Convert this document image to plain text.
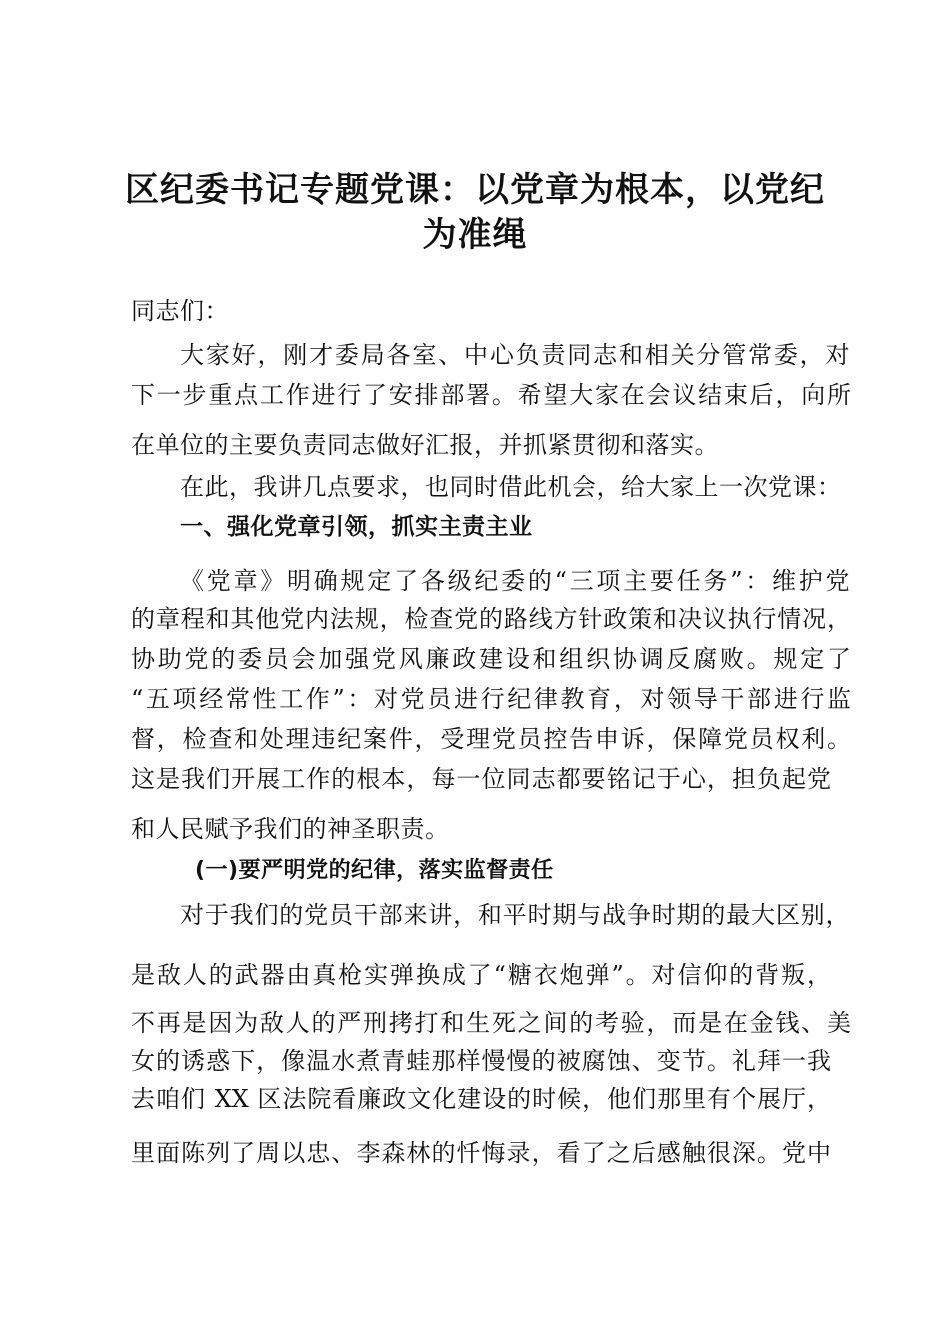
区纪委书记专题党课：以党章为根本，以党纪
为准绳
同志们：
大家好，刚才委局各室、中心负责同志和相关分管常委，对
下一步重点工作进行了安排部署。希望大家在会议结束后，向所
在单位的主要负责同志做好汇报，并抓紧贯彻和落实。
在此，我讲几点要求，也同时借此机会，给大家上一次党课：
一、强化党章引领，抓实主责主业
《党章》明确规定了各级纪委的“三项主要任务”：维护党
的章程和其他党内法规，检查党的路线方针政策和决议执行情况，
协助党的委员会加强党风廉政建设和组织协调反腐败。规定了
“五项经常性工作”：对党员进行纪律教育，对领导干部进行监
督，检查和处理违纪案件，受理党员控告申诉，保障党员权利。
这是我们开展工作的根本，每一位同志都要铭记于心，担负起党
和人民赋予我们的神圣职责。
(一)要严明党的纪律，落实监督责任
对于我们的党员干部来讲，和平时期与战争时期的最大区别，
是敌人的武器由真枪实弹换成了“糖衣炮弹”。对信仰的背叛，
不再是因为敌人的严刑拷打和生死之间的考验，而是在金钱、美
女的诱惑下，像温水煮青蛙那样慢慢的被腐蚀、变节。礼拜一我
去咱们 XX 区法院看廉政文化建设的时候，他们那里有个展厅，
里面陈列了周以忠、李森林的忏悔录，看了之后感触很深。党中
